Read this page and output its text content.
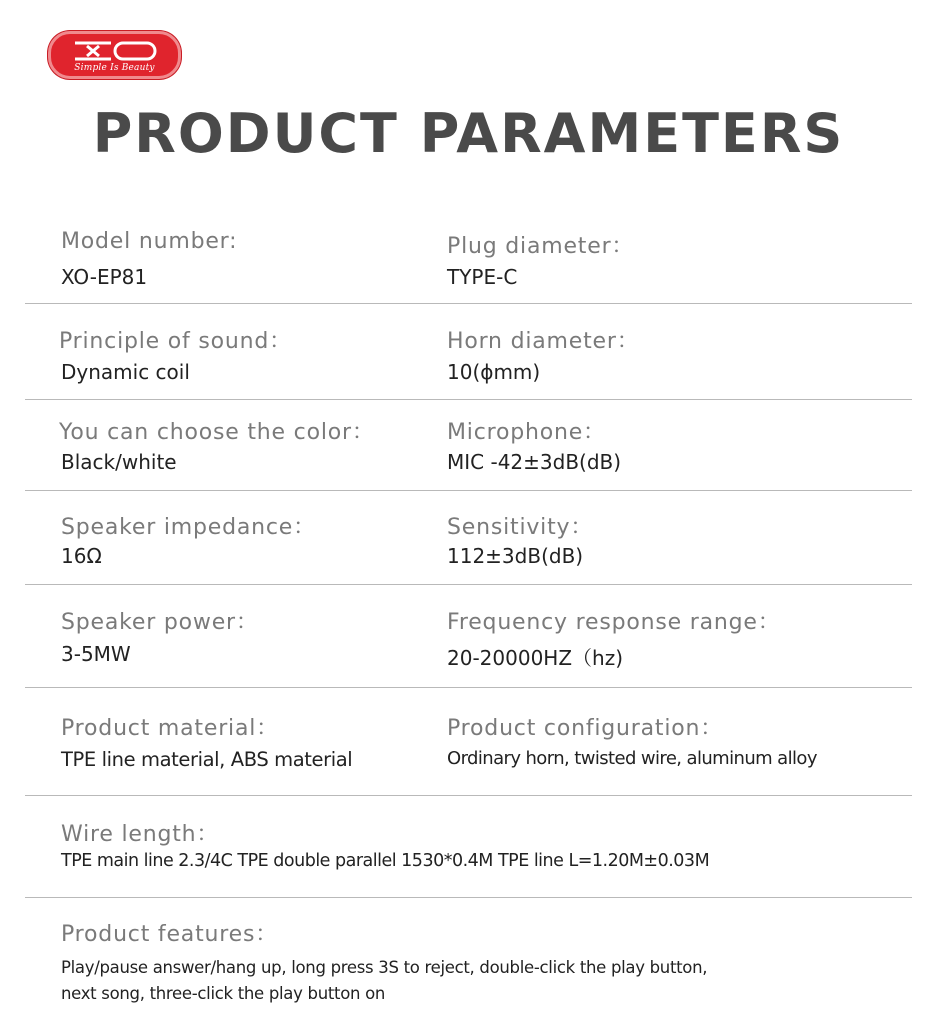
Simple Is Beauty
PRODUCT PARAMETERS

Model number:

XO-EP81

Plug diameter：

TYPE-C

Principle of sound：

Dynamic coil

Horn diameter：

10(ϕmm)

You can choose the color：

Black/white

Microphone：

MIC -42±3dB(dB)

Speaker impedance：

16Ω

Sensitivity：

112±3dB(dB)

Speaker power：

3-5MW

Frequency response range：

20-20000HZ（hz)

Product material：

TPE line material, ABS material

Product configuration：

Ordinary horn, twisted wire, aluminum alloy

Wire length：

TPE main line 2.3/4C TPE double parallel 1530*0.4M TPE line L=1.20M±0.03M

Product features：

Play/pause answer/hang up, long press 3S to reject, double-click the play button,

next song, three-click the play button on
